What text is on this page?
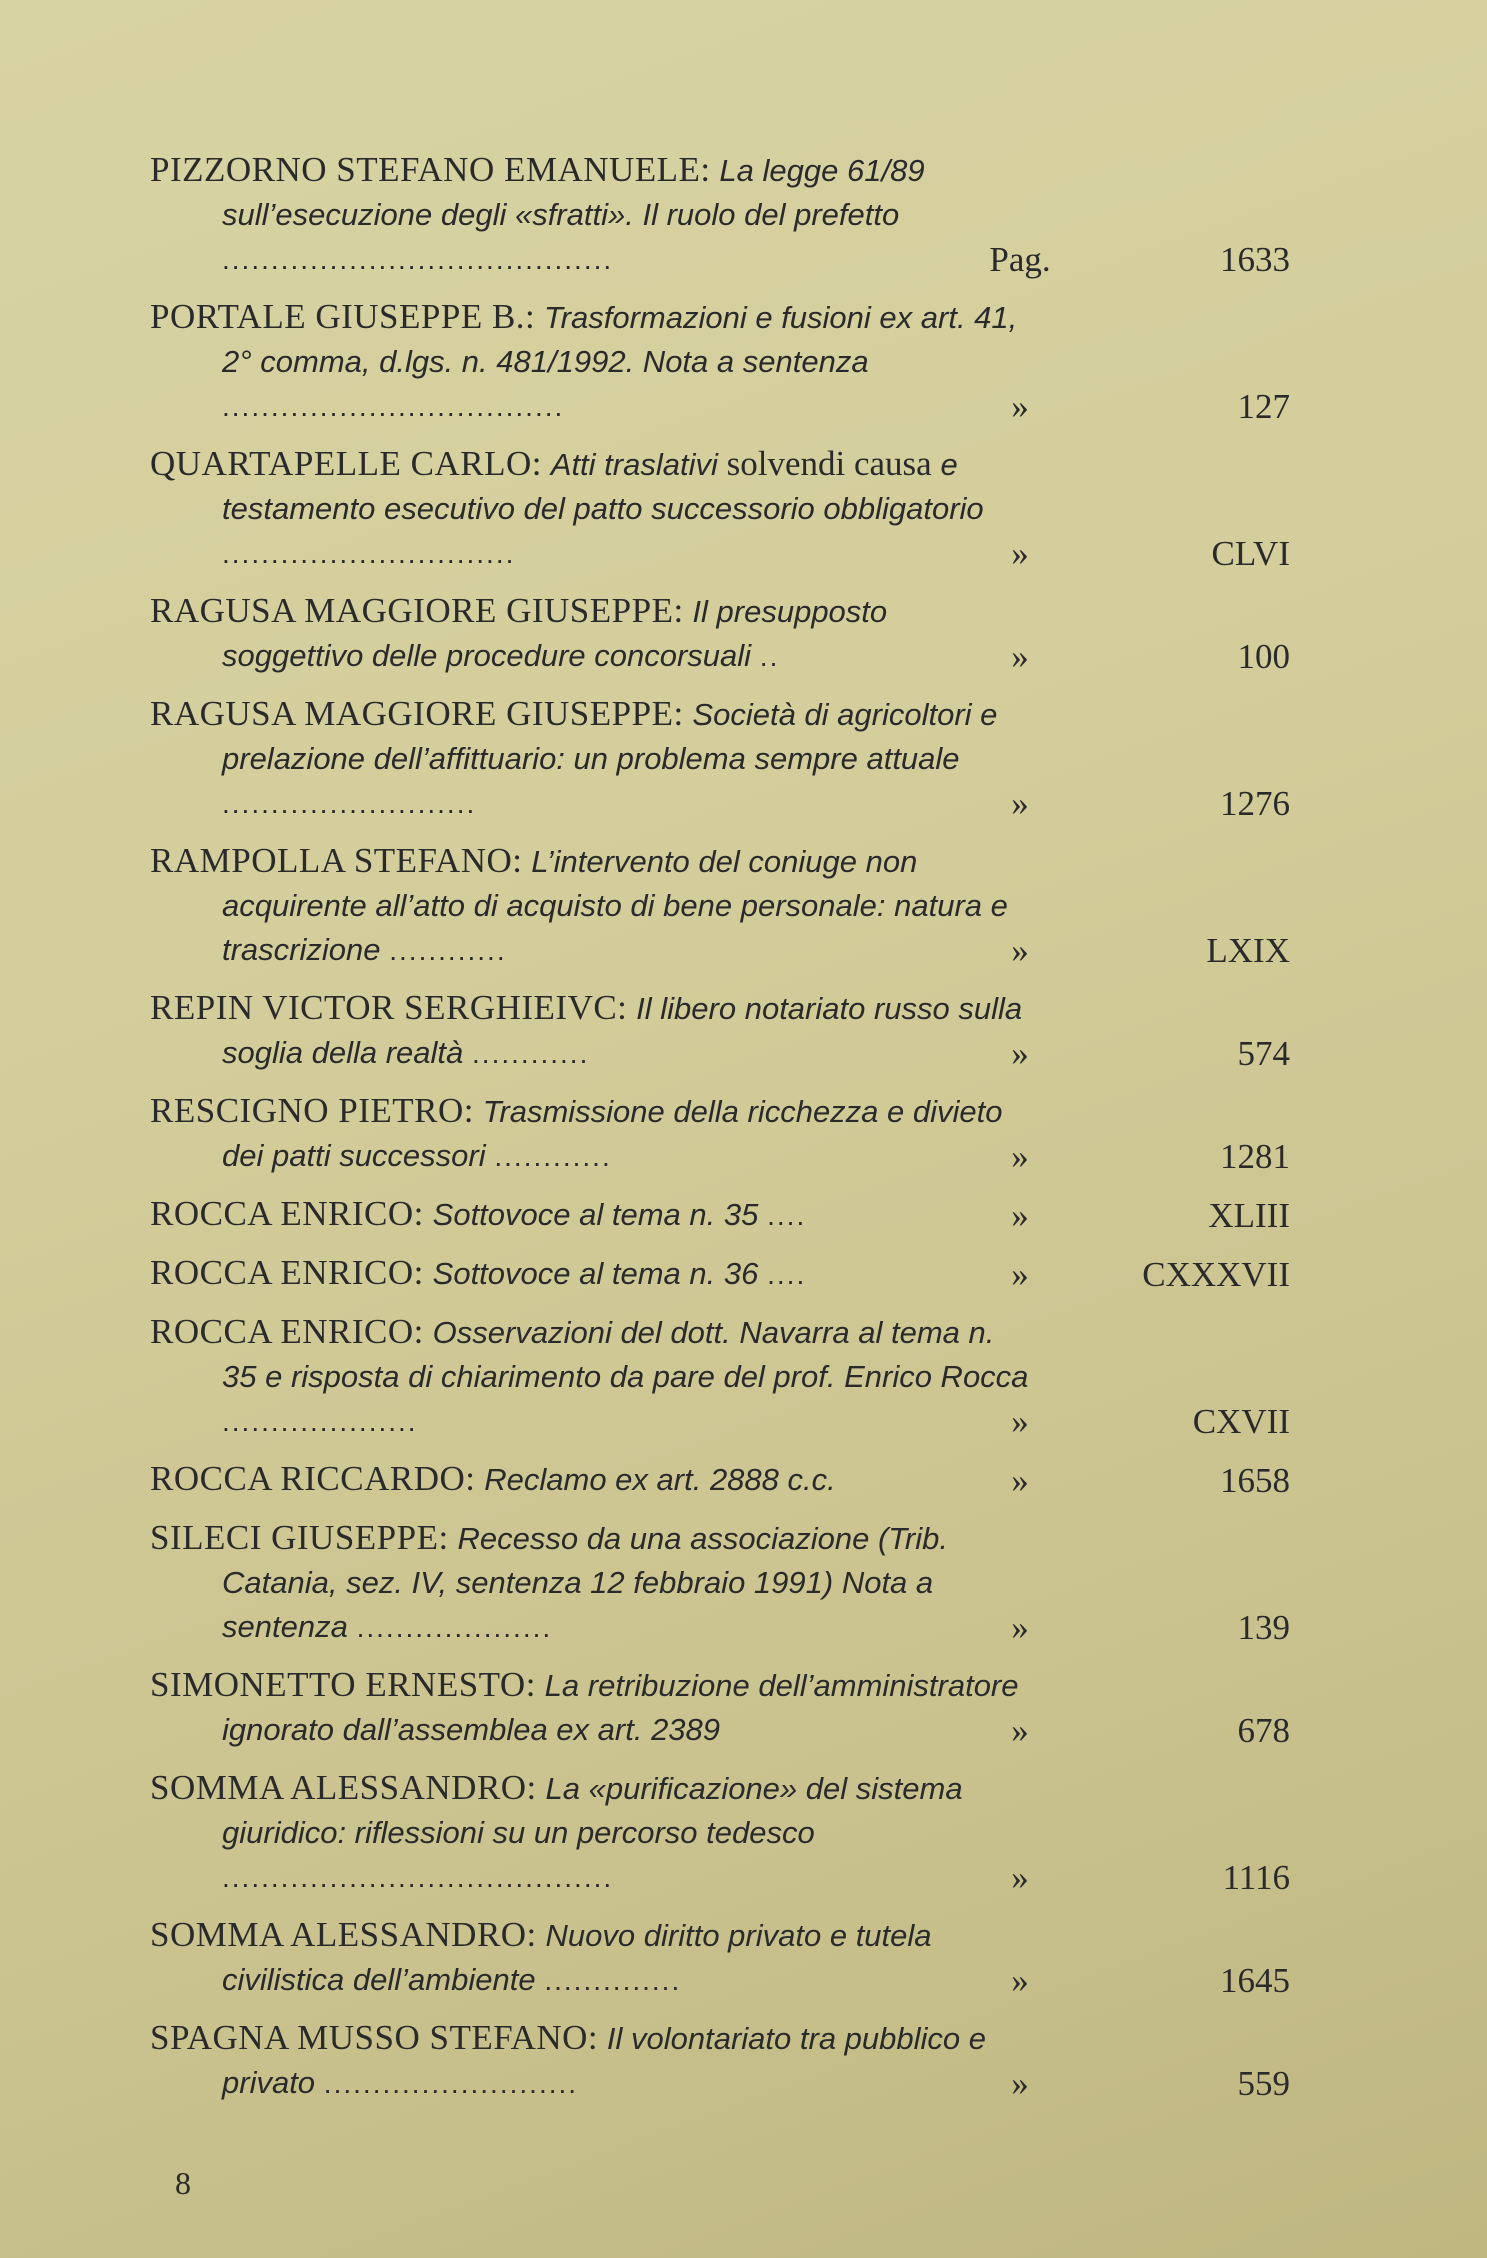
PIZZORNO STEFANO EMANUELE: La legge 61/89 sull’esecuzione degli «sfratti». Il ruolo del prefetto ........................................	Pag.	1633
PORTALE GIUSEPPE B.: Trasformazioni e fusioni ex art. 41, 2° comma, d.lgs. n. 481/1992. Nota a sentenza ...................................	»	127
QUARTAPELLE CARLO: Atti traslativi solvendi causa e testamento esecutivo del patto successorio obbligatorio ..............................	»	CLVI
RAGUSA MAGGIORE GIUSEPPE: Il presupposto soggettivo delle procedure concorsuali ..	»	100
RAGUSA MAGGIORE GIUSEPPE: Società di agricoltori e prelazione dell’affittuario: un problema sempre attuale ..........................	»	1276
RAMPOLLA STEFANO: L’intervento del coniuge non acquirente all’atto di acquisto di bene personale: natura e trascrizione ............	»	LXIX
REPIN VICTOR SERGHIEIVC: Il libero notariato russo sulla soglia della realtà ............	»	574
RESCIGNO PIETRO: Trasmissione della ricchezza e divieto dei patti successori ............	»	1281
ROCCA ENRICO: Sottovoce al tema n. 35 ....	»	XLIII
ROCCA ENRICO: Sottovoce al tema n. 36 ....	»	CXXXVII
ROCCA ENRICO: Osservazioni del dott. Navarra al tema n. 35 e risposta di chiarimento da pare del prof. Enrico Rocca ....................	»	CXVII
ROCCA RICCARDO: Reclamo ex art. 2888 c.c.	»	1658
SILECI GIUSEPPE: Recesso da una associazione (Trib. Catania, sez. IV, sentenza 12 febbraio 1991) Nota a sentenza ....................	»	139
SIMONETTO ERNESTO: La retribuzione dell’amministratore ignorato dall’assemblea ex art. 2389	»	678
SOMMA ALESSANDRO: La «purificazione» del sistema giuridico: riflessioni su un percorso tedesco ........................................	»	1116
SOMMA ALESSANDRO: Nuovo diritto privato e tutela civilistica dell’ambiente ..............	»	1645
SPAGNA MUSSO STEFANO: Il volontariato tra pubblico e privato ..........................	»	559
8
